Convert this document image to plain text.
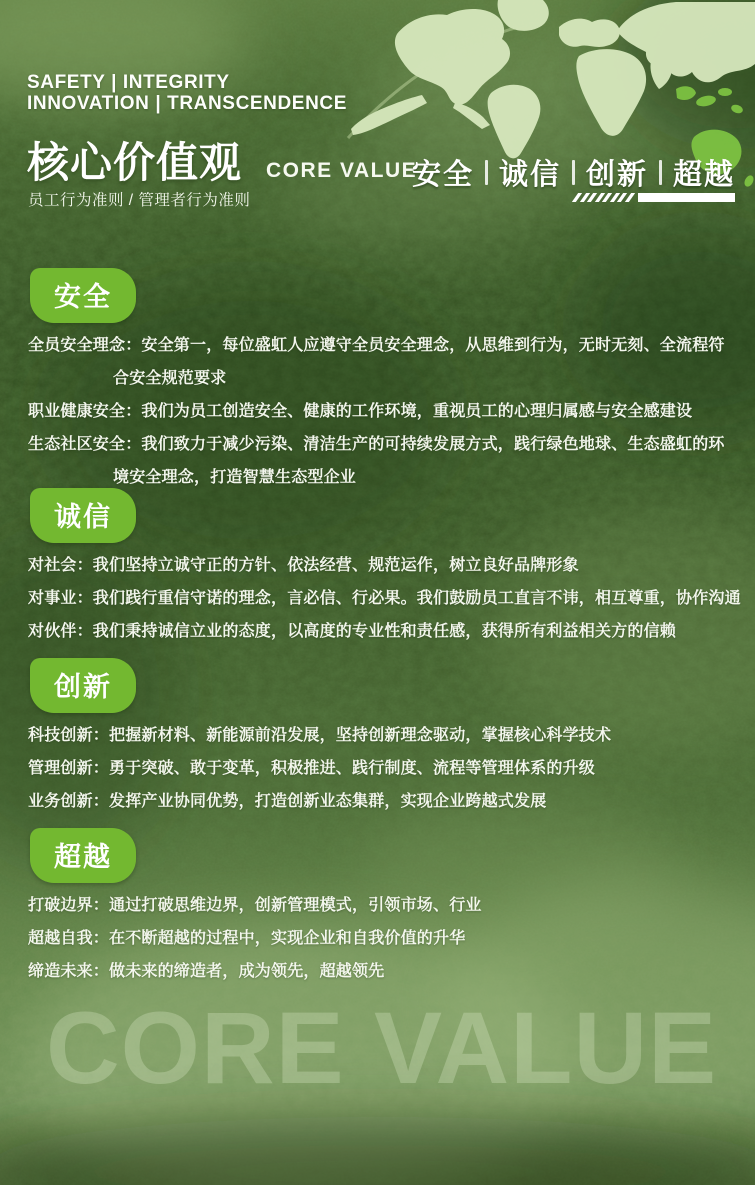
SAFETY | INTEGRITY
INNOVATION | TRANSCENDENCE
核心价值观 CORE VALUE
员工行为准则 / 管理者行为准则
安全 诚信 创新 超越
安全

全员安全理念：安全第一，每位盛虹人应遵守全员安全理念，从思维到行为，无时无刻、全流程符

合安全规范要求

职业健康安全：我们为员工创造安全、健康的工作环境，重视员工的心理归属感与安全感建设

生态社区安全：我们致力于减少污染、清洁生产的可持续发展方式，践行绿色地球、生态盛虹的环

境安全理念，打造智慧生态型企业

诚信

对社会：我们坚持立诚守正的方针、依法经营、规范运作，树立良好品牌形象

对事业：我们践行重信守诺的理念，言必信、行必果。我们鼓励员工直言不讳，相互尊重，协作沟通

对伙伴：我们秉持诚信立业的态度，以高度的专业性和责任感，获得所有利益相关方的信赖

创新

科技创新：把握新材料、新能源前沿发展，坚持创新理念驱动，掌握核心科学技术

管理创新：勇于突破、敢于变革，积极推进、践行制度、流程等管理体系的升级

业务创新：发挥产业协同优势，打造创新业态集群，实现企业跨越式发展

超越

打破边界：通过打破思维边界，创新管理模式，引领市场、行业

超越自我：在不断超越的过程中，实现企业和自我价值的升华

缔造未来：做未来的缔造者，成为领先，超越领先

CORE VALUE
